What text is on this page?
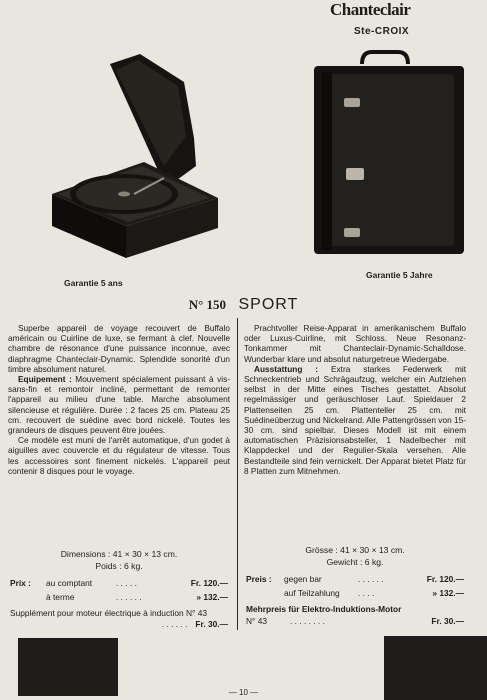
Chanteclair
Ste-CROIX
Garantie 5 ans
Garantie 5 Jahre
N° 150 SPORT

Superbe appareil de voyage recouvert de Buffalo américain ou Cuirline de luxe, se fermant à clef. Nouvelle chambre de résonance d'une puissance inconnue, avec diaphragme Chanteclair-Dynamic. Splendide sonorité d'un timbre absolument naturel.

Equipement : Mouvement spécialement puissant à vis-sans-fin et remontoir incliné, permettant de remonter l'appareil au milieu d'une table. Marche absolument silencieuse et régulière. Durée : 2 faces 25 cm. Plateau 25 cm. recouvert de suédine avec bord nickelé. Toutes les grandeurs de disques peuvent être jouées.

Ce modèle est muni de l'arrêt automatique, d'un godet à aiguilles avec couvercle et du régulateur de vitesse. Tous les accessoires sont finement nickelés. L'appareil peut contenir 8 disques pour le voyage.

Dimensions : 41 × 30 × 13 cm.
Poids : 6 kg.
Prix :	au comptant	. . . . .	Fr. 120.—
à terme	. . . . . .	» 132.—
Supplément pour moteur électrique à induction N° 43
. . . . . . Fr. 30.—

Prachtvoller Reise-Apparat in amerikanischem Buffalo oder Luxus-Cuirline, mit Schloss. Neue Resonanz-Tonkammer mit Chanteclair-Dynamic-Schalldose. Wunderbar klare und absolut naturgetreue Wiedergabe.

Ausstattung : Extra starkes Federwerk mit Schneckentrieb und Schrägaufzug, welcher ein Aufziehen selbst in der Mitte eines Tisches gestattet. Absolut regelmässiger und geräuschloser Lauf. Spieldauer 2 Plattenseiten 25 cm. Plattenteller 25 cm. mit Suédineüberzug und Nickelrand. Alle Pattengrössen von 15-30 cm. sind spielbar. Dieses Modell ist mit einem automatischen Präzisionsabsteller, 1 Nadelbecher mit Klappdeckel und der Regulier-Skala versehen. Alle Bestandteile sind fein vernickelt. Der Apparat bietet Platz für 8 Platten zum Mitnehmen.

Grösse : 41 × 30 × 13 cm.
Gewicht : 6 kg.
Preis :	gegen bar	. . . . . .	Fr. 120.—
auf Teilzahlung	. . . .	» 132.—
Mehrpreis für Elektro-Induktions-Motor
N° 43	. . . . . . . .	Fr. 30.—
— 10 —
